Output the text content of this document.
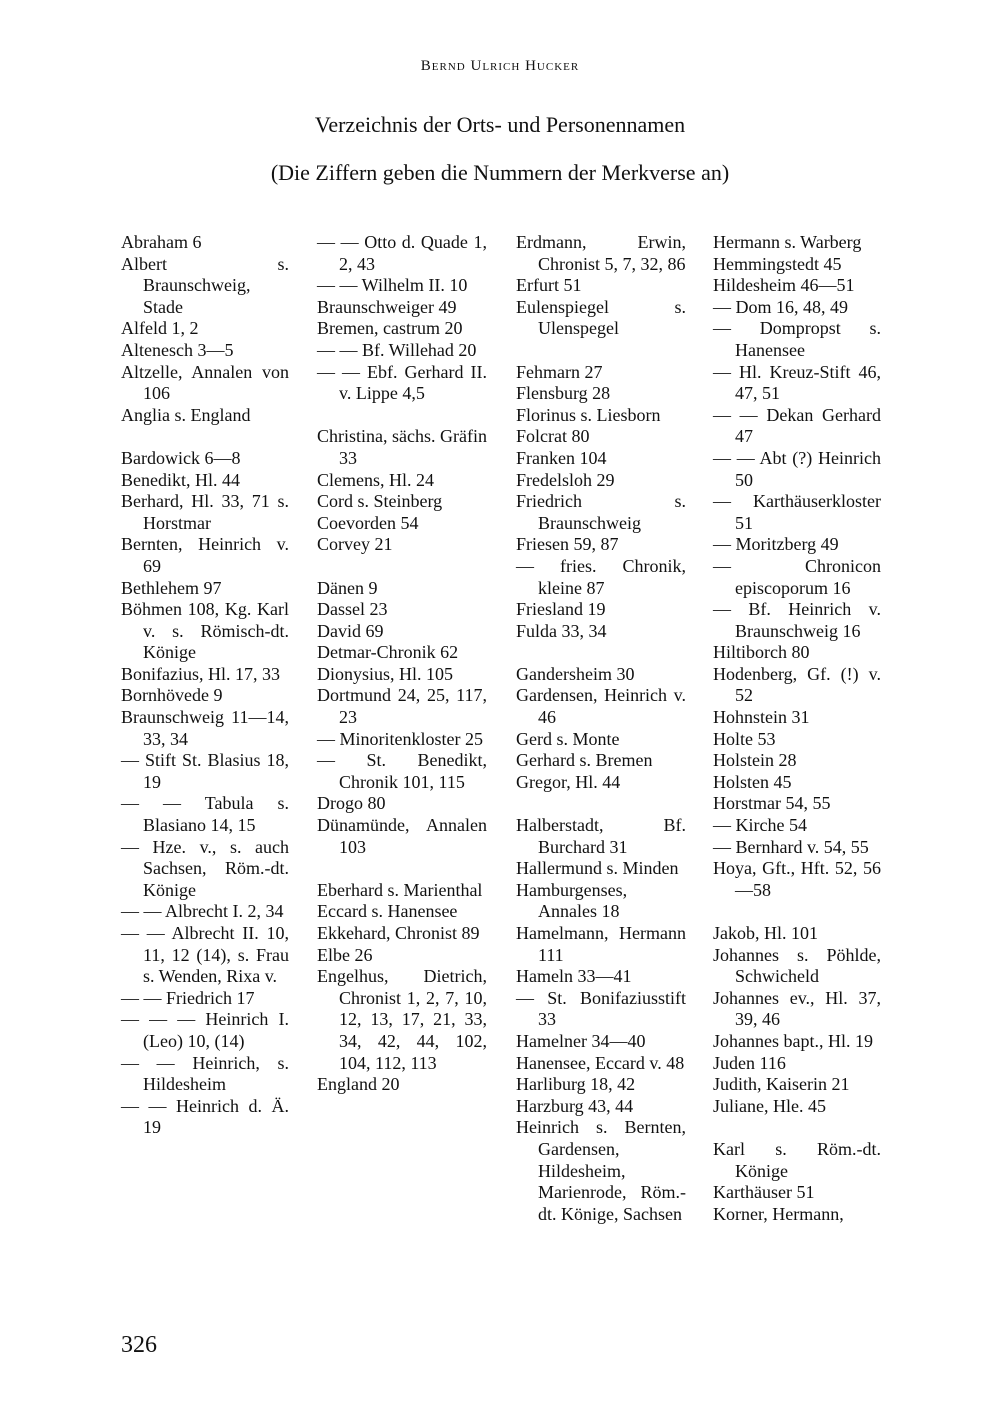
Bernd Ulrich Hucker
Verzeichnis der Orts- und Personennamen
(Die Ziffern geben die Nummern der Merkverse an)
Abraham 6
Albert s. Braunschweig, Stade
Alfeld 1, 2
Altenesch 3—5
Altzelle, Annalen von 106
Anglia s. England
Bardowick 6—8
Benedikt, Hl. 44
Berhard, Hl. 33, 71 s. Horstmar
Bernten, Heinrich v. 69
Bethlehem 97
Böhmen 108, Kg. Karl v. s. Römisch-dt. Könige
Bonifazius, Hl. 17, 33
Bornhövede 9
Braunschweig 11—14, 33, 34
— Stift St. Blasius 18, 19
— — Tabula s. Blasiano 14, 15
— Hze. v., s. auch Sachsen, Röm.-dt. Könige
— — Albrecht I. 2, 34
— — Albrecht II. 10, 11, 12 (14), s. Frau s. Wenden, Rixa v.
— — Friedrich 17
— — — Heinrich I. (Leo) 10, (14)
— — Heinrich, s. Hildesheim
— — Heinrich d. Ä. 19
— — Otto d. Quade 1, 2, 43
— — Wilhelm II. 10
Braunschweiger 49
Bremen, castrum 20
— — Bf. Willehad 20
— — Ebf. Gerhard II. v. Lippe 4,5
Christina, sächs. Gräfin 33
Clemens, Hl. 24
Cord s. Steinberg
Coevorden 54
Corvey 21
Dänen 9
Dassel 23
David 69
Detmar-Chronik 62
Dionysius, Hl. 105
Dortmund 24, 25, 117, 23
— Minoritenkloster 25
— St. Benedikt, Chronik 101, 115
Drogo 80
Dünamünde, Annalen 103
Eberhard s. Marienthal
Eccard s. Hanensee
Ekkehard, Chronist 89
Elbe 26
Engelhus, Dietrich, Chronist 1, 2, 7, 10, 12, 13, 17, 21, 33, 34, 42, 44, 102, 104, 112, 113
England 20
Erdmann, Erwin, Chronist 5, 7, 32, 86
Erfurt 51
Eulenspiegel s. Ulenspegel
Fehmarn 27
Flensburg 28
Florinus s. Liesborn
Folcrat 80
Franken 104
Fredelsloh 29
Friedrich s. Braunschweig
Friesen 59, 87
— fries. Chronik, kleine 87
Friesland 19
Fulda 33, 34
Gandersheim 30
Gardensen, Heinrich v. 46
Gerd s. Monte
Gerhard s. Bremen
Gregor, Hl. 44
Halberstadt, Bf. Burchard 31
Hallermund s. Minden
Hamburgenses, Annales 18
Hamelmann, Hermann 111
Hameln 33—41
— St. Bonifaziusstift 33
Hamelner 34—40
Hanensee, Eccard v. 48
Harliburg 18, 42
Harzburg 43, 44
Heinrich s. Bernten, Gardensen, Hildesheim, Marienrode, Röm.-dt. Könige, Sachsen
Hermann s. Warberg
Hemmingstedt 45
Hildesheim 46—51
— Dom 16, 48, 49
— Dompropst s. Hanensee
— Hl. Kreuz-Stift 46, 47, 51
— — Dekan Gerhard 47
— — Abt (?) Heinrich 50
— Karthäuserkloster 51
— Moritzberg 49
— Chronicon episcoporum 16
— Bf. Heinrich v. Braunschweig 16
Hiltiborch 80
Hodenberg, Gf. (!) v. 52
Hohnstein 31
Holte 53
Holstein 28
Holsten 45
Horstmar 54, 55
— Kirche 54
— Bernhard v. 54, 55
Hoya, Gft., Hft. 52, 56—58
Jakob, Hl. 101
Johannes s. Pöhlde, Schwicheld
Johannes ev., Hl. 37, 39, 46
Johannes bapt., Hl. 19
Juden 116
Judith, Kaiserin 21
Juliane, Hle. 45
Karl s. Röm.-dt. Könige
Karthäuser 51
Korner, Hermann,
326
